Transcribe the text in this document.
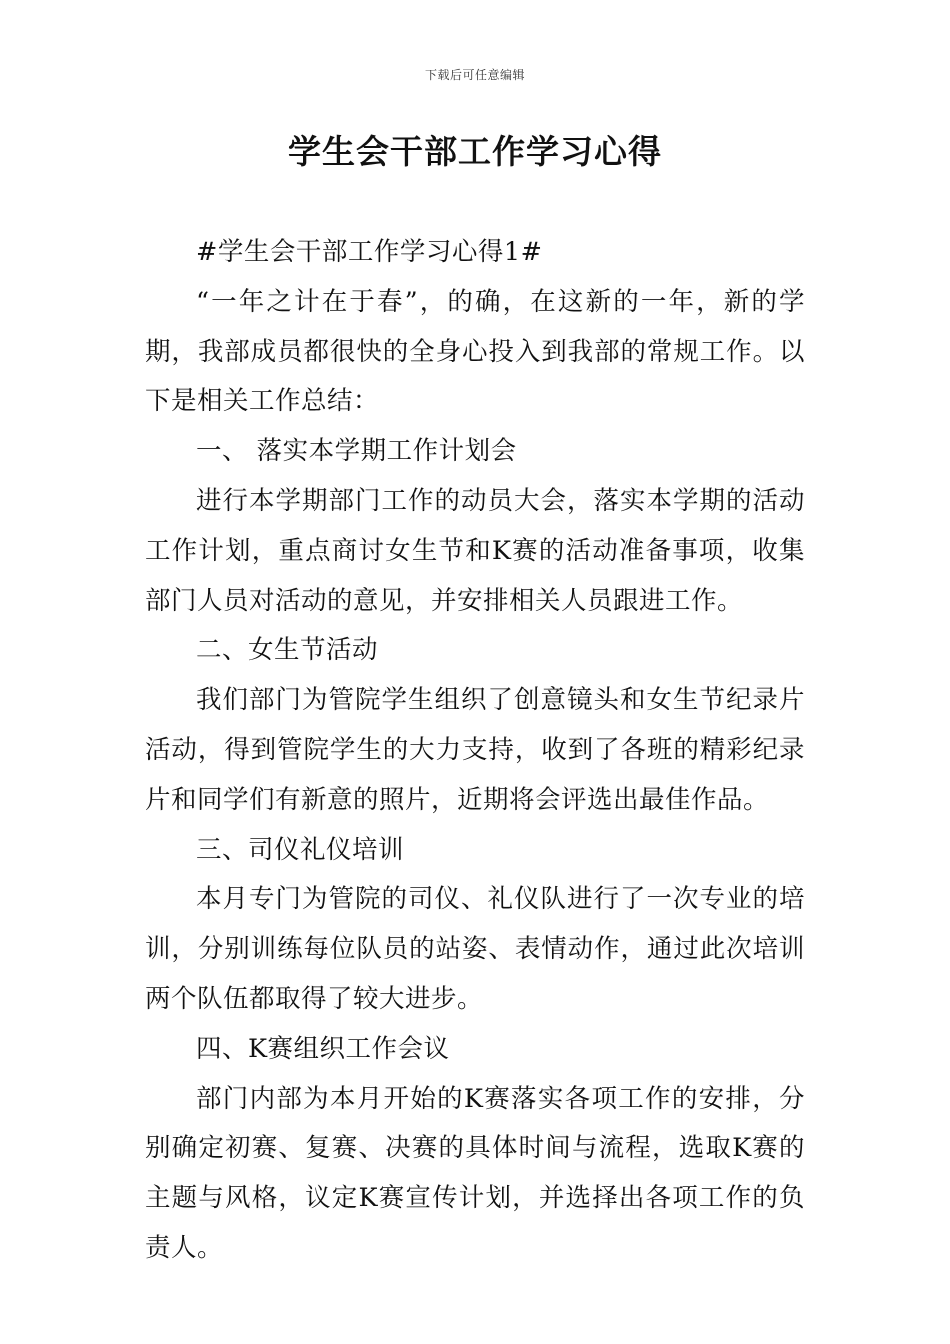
下载后可任意编辑
学生会干部工作学习心得

#学生会干部工作学习心得1#

“一年之计在于春”，的确，在这新的一年，新的学期，我部成员都很快的全身心投入到我部的常规工作。以下是相关工作总结：

一、 落实本学期工作计划会

进行本学期部门工作的动员大会，落实本学期的活动工作计划，重点商讨女生节和K赛的活动准备事项，收集部门人员对活动的意见，并安排相关人员跟进工作。

二、女生节活动

我们部门为管院学生组织了创意镜头和女生节纪录片活动，得到管院学生的大力支持，收到了各班的精彩纪录片和同学们有新意的照片，近期将会评选出最佳作品。

三、司仪礼仪培训

本月专门为管院的司仪、礼仪队进行了一次专业的培训，分别训练每位队员的站姿、表情动作，通过此次培训两个队伍都取得了较大进步。

四、K赛组织工作会议

部门内部为本月开始的K赛落实各项工作的安排，分别确定初赛、复赛、决赛的具体时间与流程，选取K赛的主题与风格，议定K赛宣传计划，并选择出各项工作的负责人。
